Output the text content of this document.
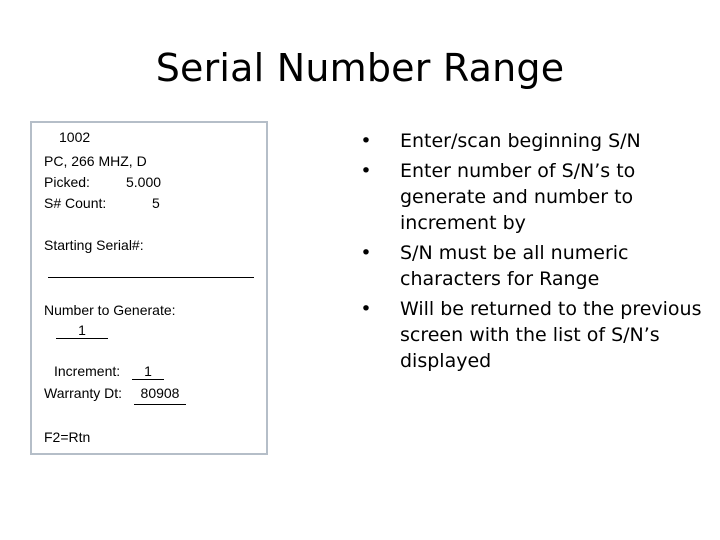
Serial Number Range
1002
PC, 266 MHZ, D
Picked:	5.000
S# Count:	5
Starting Serial#:
Number to Generate:
1
Increment:	1
Warranty Dt:	80908
F2=Rtn
•	Enter/scan beginning S/N
•	Enter number of S/N’s to generate and number to increment by
•	S/N must be all numeric characters for Range
•	Will be returned to the previous screen with the list of S/N’s displayed
